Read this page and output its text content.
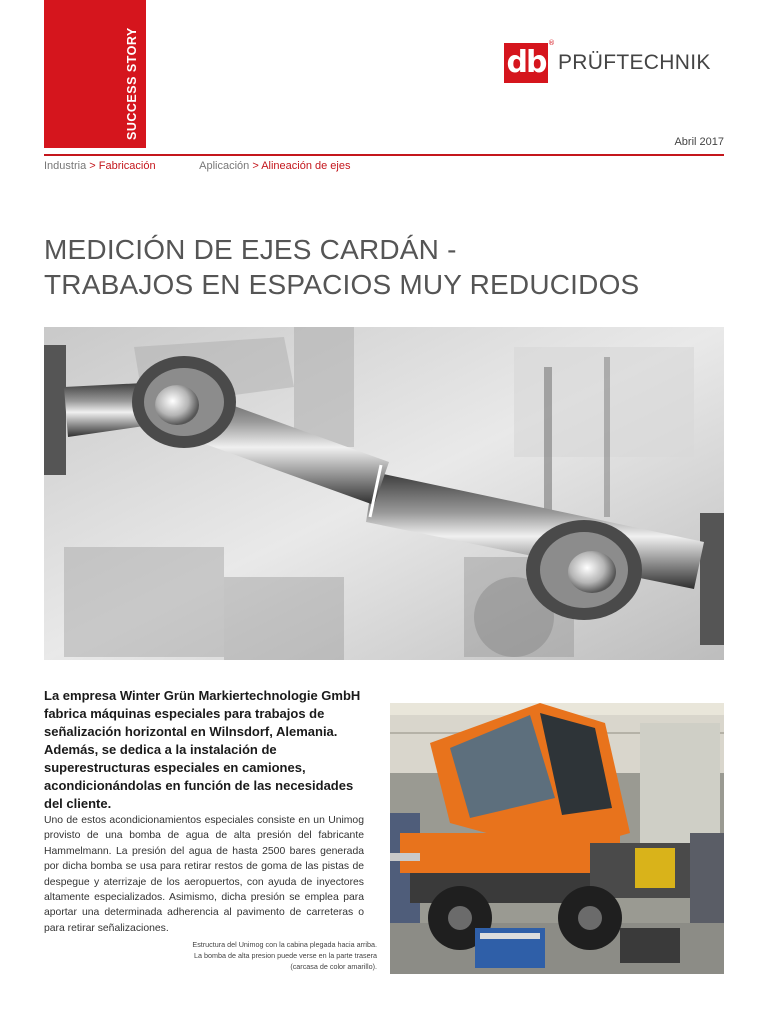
SUCCESS STORY	db
®
PRÜFTECHNIK
Abril 2017
Industria > Fabricación	Aplicación > Alineación de ejes
MEDICIÓN DE EJES CARDÁN -
TRABAJOS EN ESPACIOS MUY REDUCIDOS

La empresa Winter Grün Markiertechnologie GmbH fabrica máquinas especiales para trabajos de señalización horizontal en Wilnsdorf, Alemania. Además, se dedica a la instalación de superestructuras especiales en camiones, acondicionándolas en función de las necesidades del cliente.

Uno de estos acondicionamientos especiales consiste en un Unimog provisto de una bomba de agua de alta presión del fabricante Hammelmann. La presión del agua de hasta 2500 bares generada por dicha bomba se usa para retirar restos de goma de las pistas de despegue y aterrizaje de los aeropuertos, con ayuda de inyectores altamente especializados. Asimismo, dicha presión se emplea para aportar una determinada adherencia al pavimento de carreteras o para retirar señalizaciones.

Estructura del Unimog con la cabina plegada hacia arriba.
La bomba de alta presion puede verse en la parte trasera
(carcasa de color amarillo).
